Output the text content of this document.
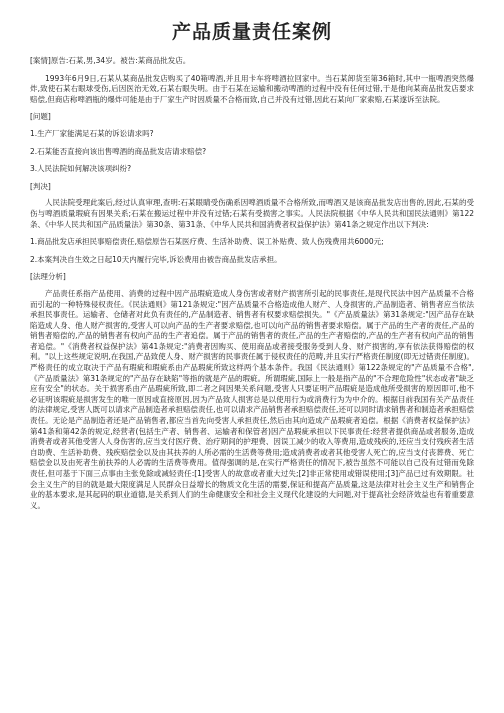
产品质量责任案例
[案情]原告:石某,男,34岁。被告:某商品批发店。
1993年6月9日,石某从某商品批发店购买了40箱啤酒,并且用卡车将啤酒拉回家中。当石某卸货至第36箱时,其中一瓶啤酒突然爆炸,致使石某右眼球受伤,后因医治无效,石某右眼失明。由于石某在运输和搬动啤酒的过程中没有任何过错,于是他向某商品批发店要求赔偿,但商店称啤酒瓶的爆炸可能是由于厂家生产时因质量不合格而致,自己并没有过错,因此石某向厂家索赔,石某遂诉至法院。
[问题]
1.生产厂家能满足石某的诉讼请求吗?
2.石某能否直接向该出售啤酒的商品批发店请求赔偿?
3.人民法院如何解决该项纠纷?
[判决]
人民法院受理此案后,经过认真审理,查明:石某眼睛受伤确系因啤酒质量不合格所致,而啤酒又是该商品批发店出售的,因此,石某的受伤与啤酒质量瑕疵有因果关系;石某在搬运过程中并没有过错;石某有受损害之事实。人民法院根据《中华人民共和国民法通则》第122条、《中华人民共和国产品质量法》第30条、第31条、《中华人民共和国消费者权益保护法》第41条之规定作出以下判决:
1.商品批发店承担民事赔偿责任,赔偿原告石某医疗费、生活补助费、误工补贴费、致人伤残费用共6000元;
2.本案判决自生效之日起10天内履行完毕,诉讼费用由被告商品批发店承担。
[法理分析]
产品责任系指产品使用、消费的过程中因产品瑕疵造成人身伤害或者财产损害所引起的民事责任,是现代民法中因产品质量不合格而引起的一种特殊侵权责任。《民法通则》第121条规定:"因产品质量不合格造成他人财产、人身损害的,产品制造者、销售者应当依法承担民事责任。运输者、仓储者对此负有责任的,产品制造者、销售者有权要求赔偿损失。"《产品质量法》第31条规定:"因产品存在缺陷造成人身、他人财产损害的,受害人可以向产品的生产者要求赔偿,也可以向产品的销售者要求赔偿。属于产品的生产者的责任,产品的销售者赔偿的,产品的销售者有权向产品的生产者追偿。属于产品的销售者的责任,产品的生产者赔偿的,产品的生产者有权向产品的销售者追偿。"《消费者权益保护法》第41条规定:"消费者因购买、使用商品或者接受服务受到人身、财产损害的,享有依法获得赔偿的权利。"以上这些规定说明,在我国,产品致使人身、财产损害的民事责任属于侵权责任的范畴,并且实行严格责任制度(即无过错责任制度)。严格责任的成立取决于产品有瑕疵和瑕疵系由产品瑕疵所致这样两个基本条件。我国《民法通则》第122条规定的"产品质量不合格",《产品质量法》第31条规定的"产品存在缺陷"等指的就是产品的瑕疵。所谓瑕疵,国际上一般是指产品的"不合理危险性"状态或者"缺乏应有安全"的状态。关于损害系由产品瑕疵所致,即二者之间因果关系问题,受害人只要证明产品瑕疵是造成他所受损害的原因即可,他不必证明该瑕疵是损害发生的唯一原因或直接原因,因为产品致人损害总是以使用行为或消费行为为中介的。根据目前我国有关产品责任的法律规定,受害人既可以请求产品制造者承担赔偿责任,也可以请求产品销售者承担赔偿责任,还可以同时请求销售者和制造者承担赔偿责任。无论是产品制造者还是产品销售者,都应当首先向受害人承担责任,然后由其向造成产品瑕疵者追偿。根据《消费者权益保护法》第41条和第42条的规定,经营者(包括生产者、销售者、运输者和保管者)因产品瑕疵承担以下民事责任:经营者提供商品或者服务,造成消费者或者其他受害人人身伤害的,应当支付医疗费、治疗期间的护理费、因误工减少的收入等费用,造成残疾的,还应当支付残疾者生活自助费、生活补助费、残疾赔偿金以及由其扶养的人所必需的生活费等费用;造成消费者或者其他受害人死亡的,应当支付丧葬费、死亡赔偿金以及由死者生前扶养的人必需的生活费等费用。值得强调的是,在实行严格责任的情况下,被告虽然不可能以自己没有过错而免除责任,但可基于下面三点事由主张免除或减轻责任:[1]受害人的故意或者重大过失;[2]非正常使用或错误使用;[3]产品已过有效期限。社会主义生产的目的就是最大限度满足人民群众日益增长的物质文化生活的需要,保证和提高产品质量,这是法律对社会主义生产和销售企业的基本要求,是其起码的职业道德,是关系到人们的生命健康安全和社会主义现代化建设的大问题,对于提高社会经济效益也有着重要意义。
